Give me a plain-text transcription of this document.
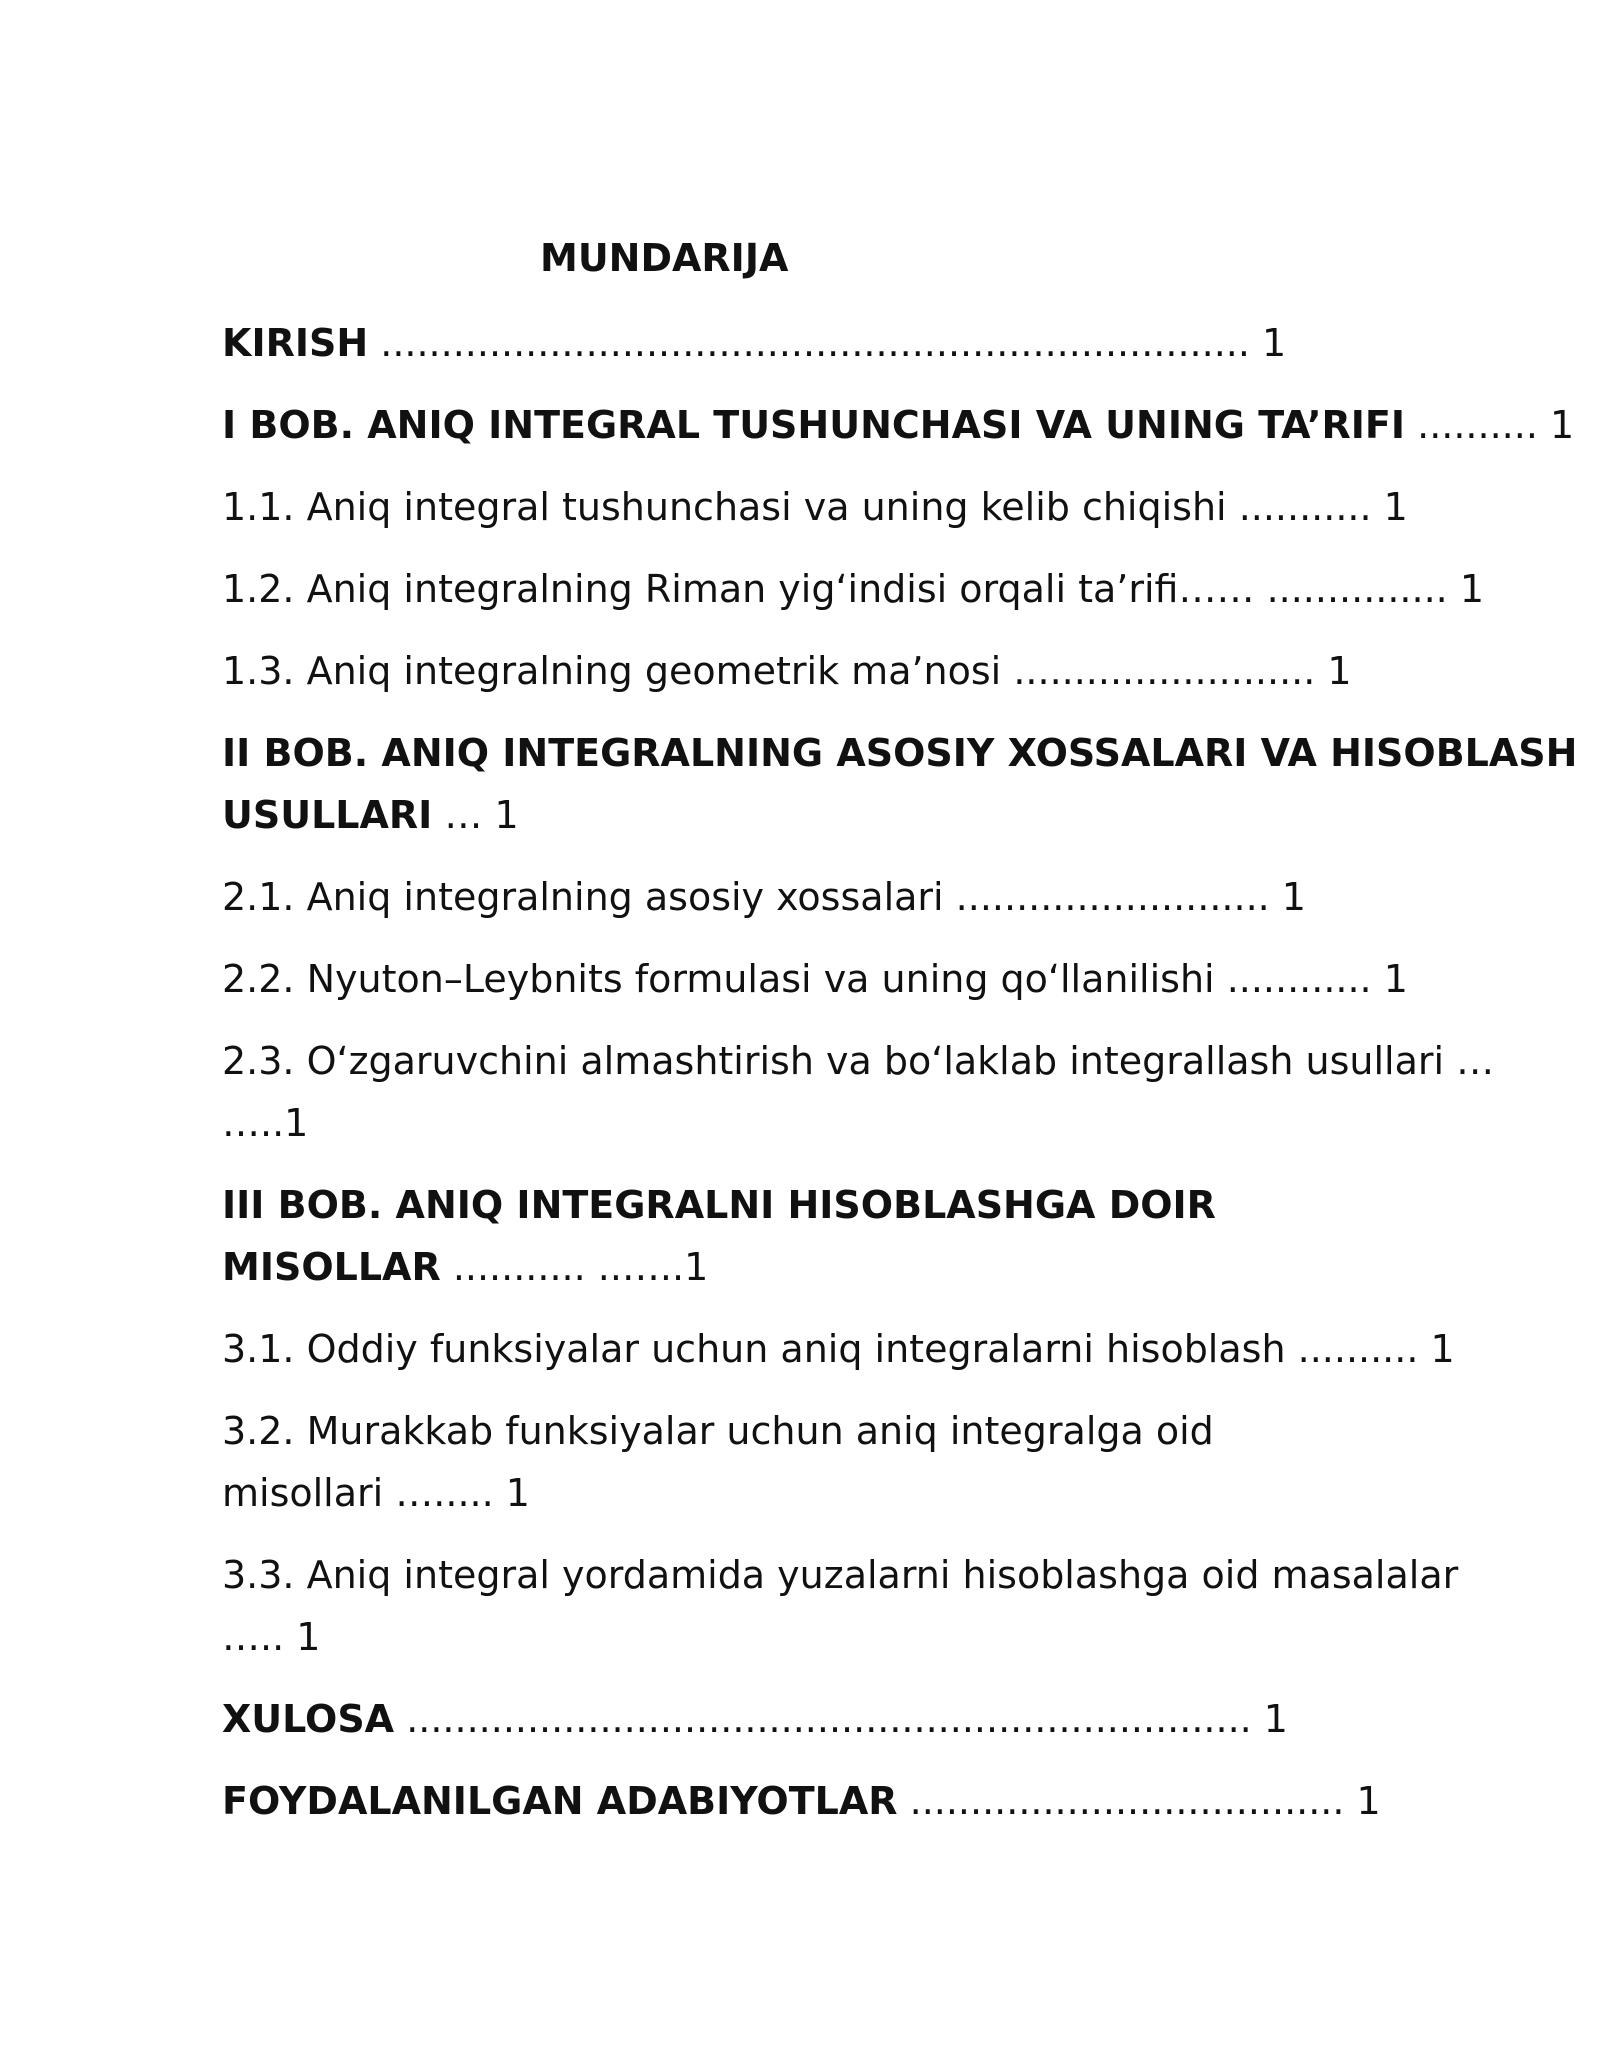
MUNDARIJA

KIRISH ........................................................................ 1

I BOB. ANIQ INTEGRAL TUSHUNCHASI VA UNING TA’RIFI .......... 1

1.1. Aniq integral tushunchasi va uning kelib chiqishi ........... 1

1.2. Aniq integralning Riman yig‘indisi orqali ta’rifi…… ............... 1

1.3. Aniq integralning geometrik ma’nosi ......................... 1

II BOB. ANIQ INTEGRALNING ASOSIY XOSSALARI VA HISOBLASH

USULLARI … 1

2.1. Aniq integralning asosiy xossalari .......................... 1

2.2. Nyuton–Leybnits formulasi va uning qo‘llanilishi ............ 1

2.3. O‘zgaruvchini almashtirish va bo‘laklab integrallash usullari …

…..1

III BOB. ANIQ INTEGRALNI HISOBLASHGA DOIR

MISOLLAR ........... ..…..1

3.1. Oddiy funksiyalar uchun aniq integralarni hisoblash .......... 1

3.2. Murakkab funksiyalar uchun aniq integralga oid

misollari …..... 1

3.3. Aniq integral yordamida yuzalarni hisoblashga oid masalalar

….. 1

XULOSA ...................................................................... 1

FOYDALANILGAN ADABIYOTLAR .................................... 1
